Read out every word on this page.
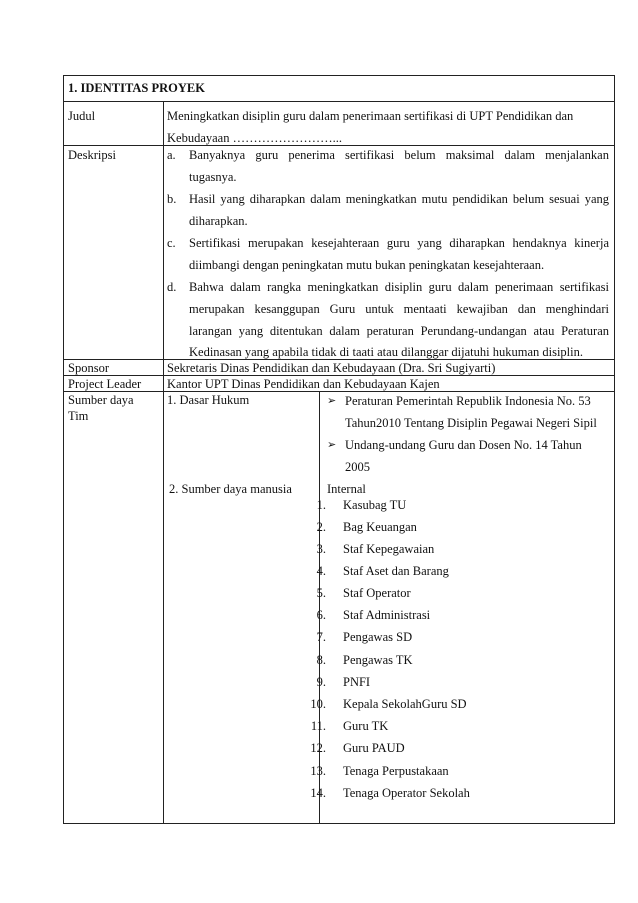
1. IDENTITAS PROYEK
Judul	Meningkatkan disiplin guru dalam penerimaan sertifikasi di UPT Pendidikan dan
Kebudayaan ……………………...
Deskripsi	a. Banyaknya guru penerima sertifikasi belum maksimal dalam menjalankan
tugasnya.
b. Hasil yang diharapkan dalam meningkatkan mutu pendidikan belum sesuai yang
diharapkan.
c. Sertifikasi merupakan kesejahteraan guru yang diharapkan hendaknya kinerja
diimbangi dengan peningkatan mutu bukan peningkatan kesejahteraan.
d. Bahwa dalam rangka meningkatkan disiplin guru dalam penerimaan sertifikasi
merupakan kesanggupan Guru untuk mentaati kewajiban dan menghindari
larangan yang ditentukan dalam peraturan Perundang-undangan atau Peraturan
Kedinasan yang apabila tidak di taati atau dilanggar dijatuhi hukuman disiplin.
Sponsor	Sekretaris Dinas Pendidikan dan Kebudayaan (Dra. Sri Sugiyarti)
Project Leader Kantor UPT Dinas Pendidikan dan Kebudayaan Kajen
Sumber daya
Tim
1. Dasar Hukum	➢ Peraturan Pemerintah Republik Indonesia No. 53
Tahun2010 Tentang Disiplin Pegawai Negeri Sipil
➢ Undang-undang Guru dan Dosen No. 14 Tahun
2005
2. Sumber daya manusia	Internal
1. Kasubag TU
2. Bag Keuangan
3. Staf Kepegawaian
4. Staf Aset dan Barang
5. Staf Operator
6. Staf Administrasi
7. Pengawas SD
8. Pengawas TK
9. PNFI
10. Kepala SekolahGuru SD
11. Guru TK
12. Guru PAUD
13. Tenaga Perpustakaan
14. Tenaga Operator Sekolah
